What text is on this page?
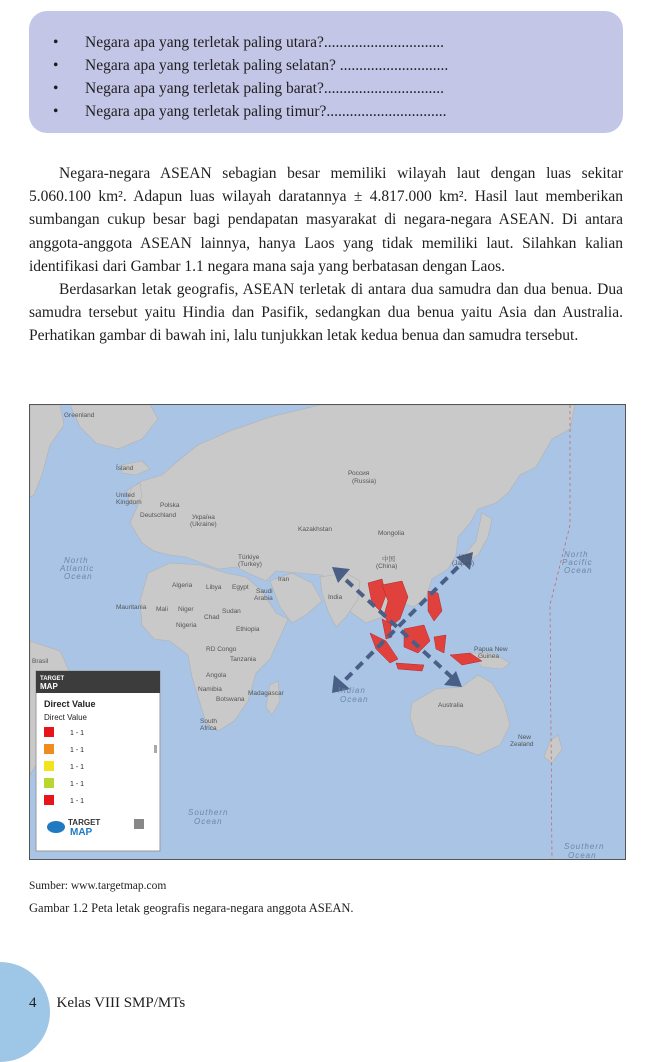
• Negara apa yang terletak paling utara?...............................
• Negara apa yang terletak paling selatan? ............................
• Negara apa yang terletak paling barat?...............................
• Negara apa yang terletak paling timur?...............................

Negara-negara ASEAN sebagian besar memiliki wilayah laut dengan luas sekitar 5.060.100 km². Adapun luas wilayah daratannya ± 4.817.000 km². Hasil laut memberikan sumbangan cukup besar bagi pendapatan masyarakat di negara-negara ASEAN. Di antara anggota-anggota ASEAN lainnya, hanya Laos yang tidak memiliki laut. Silahkan kalian identifikasi dari Gambar 1.1 negara mana saja yang berbatasan dengan Laos.

Berdasarkan letak geografis, ASEAN terletak di antara dua samudra dan dua benua. Dua samudra tersebut yaitu Hindia dan Pasifik, sedangkan dua benua yaitu Asia dan Australia. Perhatikan gambar di bawah ini, lalu tunjukkan letak kedua benua dan samudra tersebut.

Greenland
Ísland
Россия
(Russia)
Kazakhstan
Mongolia
中国
(China)
日本
(Japan)
India
Iran
Türkiye
(Turkey)
Saudi
Arabia
Egypt
Libya
Algeria
Mali Niger
Chad
Sudan
Mauritania
Nigeria
Ethiopia
RD Congo
Tanzania
Angola
Namibia
Botswana
Madagascar
South
Africa
Australia
New
Zealand
Papua New
Guinea
Brasil
United
Kingdom	Polska
Deutschland Україна
(Ukraine)
North
Atlantic
Ocean
North
Pacific
Ocean
Indian
Ocean
Southern
Ocean
Southern
Ocean
TARGET
MAP
Direct Value
Direct Value
1 - 1
1 - 1
1 - 1
1 - 1
1 - 1
TARGET
MAP
Sumber: www.targetmap.com
Gambar 1.2 Peta letak geografis negara-negara anggota ASEAN.
4 Kelas VIII SMP/MTs
